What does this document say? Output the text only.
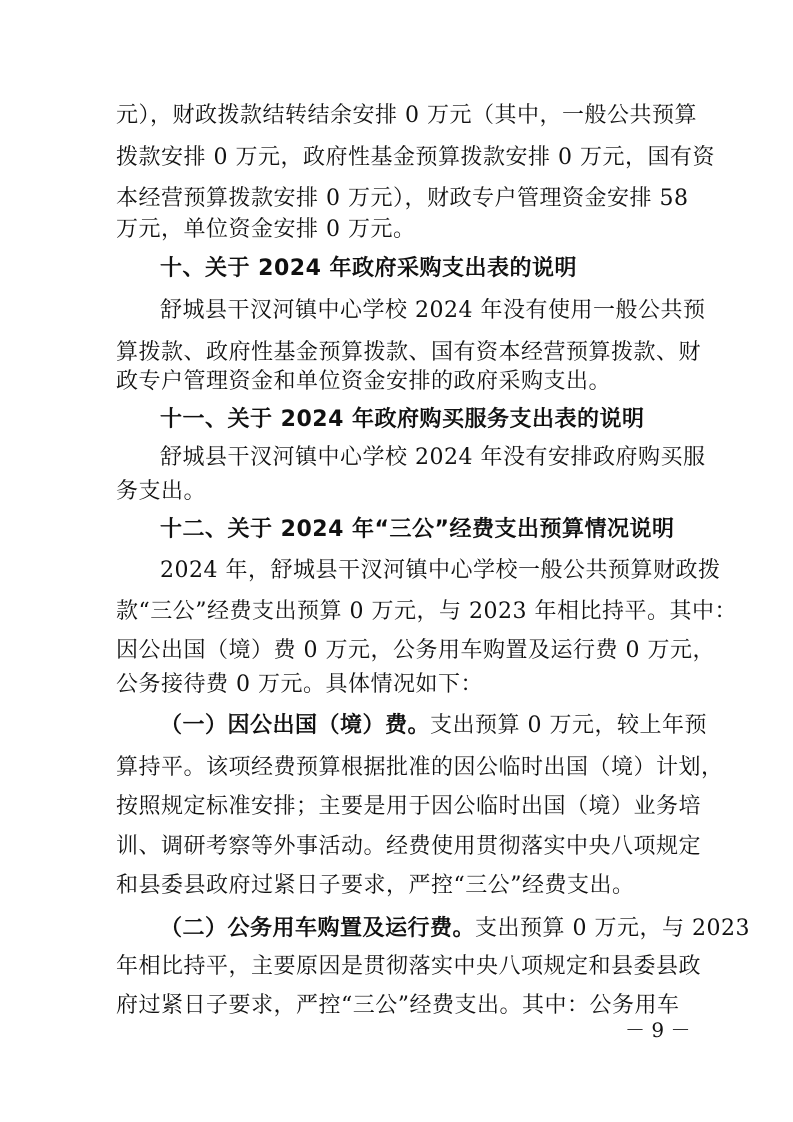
元），财政拨款结转结余安排 0 万元（其中，一般公共预算
拨款安排 0 万元，政府性基金预算拨款安排 0 万元，国有资
本经营预算拨款安排 0 万元），财政专户管理资金安排 58
万元，单位资金安排 0 万元。
十、关于 2024 年政府采购支出表的说明
舒城县干汊河镇中心学校 2024 年没有使用一般公共预
算拨款、政府性基金预算拨款、国有资本经营预算拨款、财
政专户管理资金和单位资金安排的政府采购支出。
十一、关于 2024 年政府购买服务支出表的说明
舒城县干汊河镇中心学校 2024 年没有安排政府购买服
务支出。
十二、关于 2024 年“三公”经费支出预算情况说明
2024 年，舒城县干汊河镇中心学校一般公共预算财政拨
款“三公”经费支出预算 0 万元，与 2023 年相比持平。其中：
因公出国（境）费 0 万元，公务用车购置及运行费 0 万元，
公务接待费 0 万元。具体情况如下：
（一）因公出国（境）费。支出预算 0 万元，较上年预
算持平。该项经费预算根据批准的因公临时出国（境）计划，
按照规定标准安排；主要是用于因公临时出国（境）业务培
训、调研考察等外事活动。经费使用贯彻落实中央八项规定
和县委县政府过紧日子要求，严控“三公”经费支出。
（二）公务用车购置及运行费。支出预算 0 万元，与 2023
年相比持平，主要原因是贯彻落实中央八项规定和县委县政
府过紧日子要求，严控“三公”经费支出。其中：公务用车
－ 9 －
